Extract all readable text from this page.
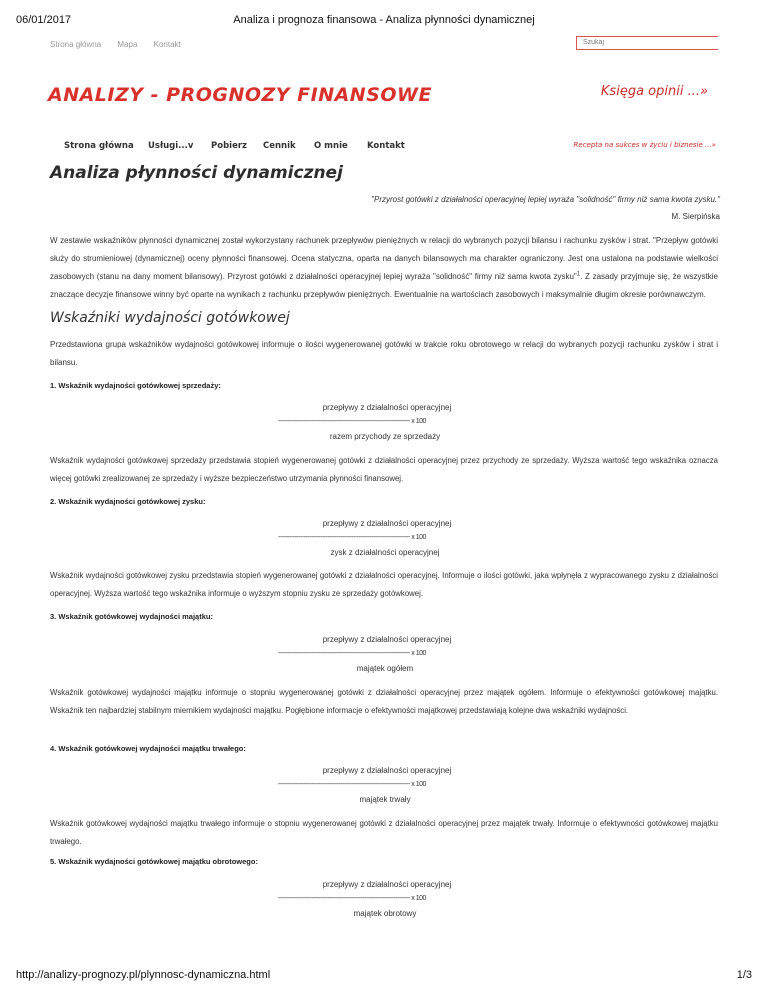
06/01/2017	Analiza i prognoza finansowa - Analiza płynności dynamicznej
Strona główna Mapa Kontakt
Szukaj
ANALIZY - PROGNOZY FINANSOWE	Księga opinii ...»
Recepta na sukces w życiu i biznesie ...»
Strona główna Usługi...v Pobierz Cennik O mnie Kontakt
Analiza płynności dynamicznej
"Przyrost gotówki z działalności operacyjnej lepiej wyraża "solidność" firmy niż sama kwota zysku."
M. Sierpińska
W zestawie wskaźników płynności dynamicznej został wykorzystany rachunek przepływów pieniężnych w relacji do wybranych pozycji bilansu i rachunku zysków i strat. "Przepływ gotówki służy do strumieniowej (dynamicznej) oceny płynności finansowej. Ocena statyczna, oparta na danych bilansowych ma charakter ograniczony. Jest ona ustalona na podstawie wielkości zasobowych (stanu na dany moment bilansowy). Przyrost gotówki z działalności operacyjnej lepiej wyraża "solidność" firmy niż sama kwota zysku"$^1$. Z zasady przyjmuje się, że wszystkie znaczące decyzje finansowe winny być oparte na wynikach z rachunku przepływów pieniężnych. Ewentualnie na wartościach zasobowych i maksymalnie długim okresie porównawczym.
Wskaźniki wydajności gotówkowej
Przedstawiona grupa wskaźników wydajności gotówkowej informuje o ilości wygenerowanej gotówki w trakcie roku obrotowego w relacji do wybranych pozycji rachunku zysków i strat i bilansu.
1. Wskaźnik wydajności gotówkowej sprzedaży:
przepływy z działalności operacyjnej
------------------------------------------------------------------------ x 100
razem przychody ze sprzedaży
Wskaźnik wydajności gotówkowej sprzedaży przedstawia stopień wygenerowanej gotówki z działalności operacyjnej przez przychody ze sprzedaży. Wyższa wartość tego wskaźnika oznacza więcej gotówki zrealizowanej ze sprzedaży i wyższe bezpieczeństwo utrzymania płynności finansowej.
2. Wskaźnik wydajności gotówkowej zysku:
przepływy z działalności operacyjnej
------------------------------------------------------------------------ x 100
zysk z działalności operacyjnej
Wskaźnik wydajności gotówkowej zysku przedstawia stopień wygenerowanej gotówki z działalności operacyjnej. Informuje o ilości gotówki, jaka wpłynęła z wypracowanego zysku z działalności operacyjnej. Wyższa wartość tego wskaźnika informuje o wyższym stopniu zysku ze sprzedaży gotówkowej.
3. Wskaźnik gotówkowej wydajności majątku:
przepływy z działalności operacyjnej
------------------------------------------------------------------------ x 100
majątek ogółem
Wskaźnik gotówkowej wydajności majątku informuje o stopniu wygenerowanej gotówki z działalności operacyjnej przez majątek ogółem. Informuje o efektywności gotówkowej majątku. Wskaźnik ten najbardziej stabilnym miernikiem wydajności majątku. Pogłębione informacje o efektywności majątkowej przedstawiają kolejne dwa wskaźniki wydajności.
4. Wskaźnik gotówkowej wydajności majątku trwałego:
przepływy z działalności operacyjnej
------------------------------------------------------------------------ x 100
majątek trwały
Wskaźnik gotówkowej wydajności majątku trwałego informuje o stopniu wygenerowanej gotówki z działalności operacyjnej przez majątek trwały. Informuje o efektywności gotówkowej majątku trwałego.
5. Wskaźnik wydajności gotówkowej majątku obrotowego:
przepływy z działalności operacyjnej
------------------------------------------------------------------------ x 100
majątek obrotowy
http://analizy-prognozy.pl/plynnosc-dynamiczna.html	1/3
